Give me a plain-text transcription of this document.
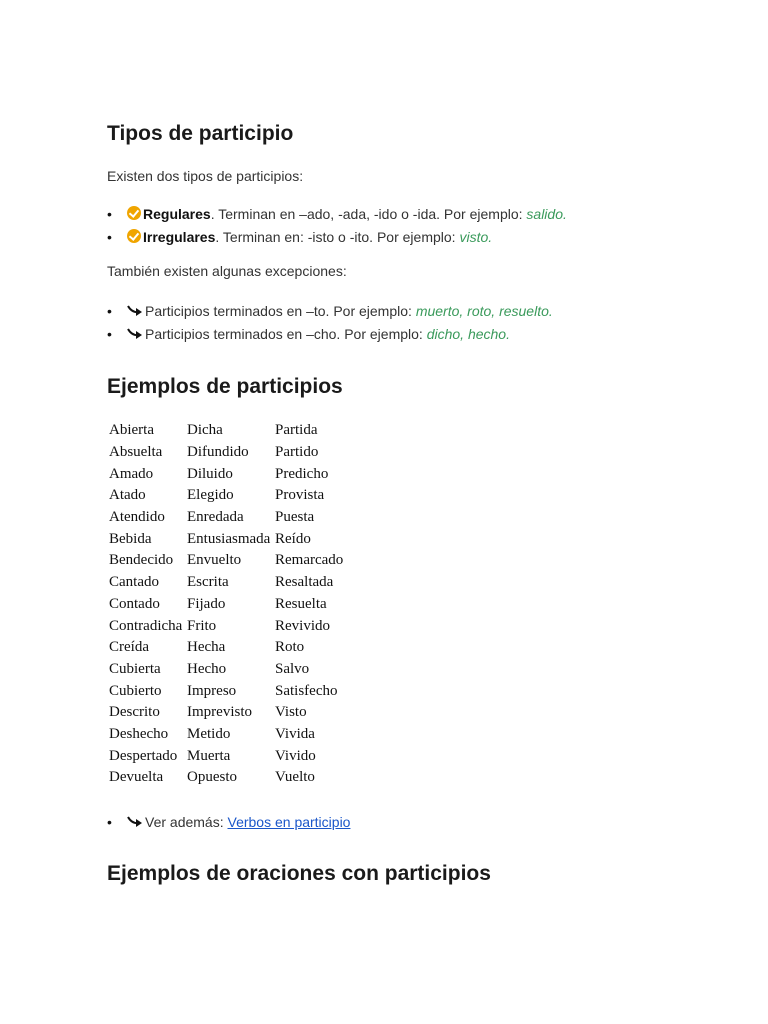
Tipos de participio
Existen dos tipos de participios:
• Regulares. Terminan en –ado, -ada, -ido o -ida. Por ejemplo: salido.
• Irregulares. Terminan en: -isto o -ito. Por ejemplo: visto.
También existen algunas excepciones:
• Participios terminados en –to. Por ejemplo: muerto, roto, resuelto.
• Participios terminados en –cho. Por ejemplo: dicho, hecho.
Ejemplos de participios
Abierta	Dicha	Partida
Absuelta	Difundido	Partido
Amado	Diluido	Predicho
Atado	Elegido	Provista
Atendido	Enredada	Puesta
Bebida	Entusiasmada	Reído
Bendecido	Envuelto	Remarcado
Cantado	Escrita	Resaltada
Contado	Fijado	Resuelta
Contradicha	Frito	Revivido
Creída	Hecha	Roto
Cubierta	Hecho	Salvo
Cubierto	Impreso	Satisfecho
Descrito	Imprevisto	Visto
Deshecho	Metido	Vivida
Despertado	Muerta	Vivido
Devuelta	Opuesto	Vuelto
• Ver además: Verbos en participio
Ejemplos de oraciones con participios
